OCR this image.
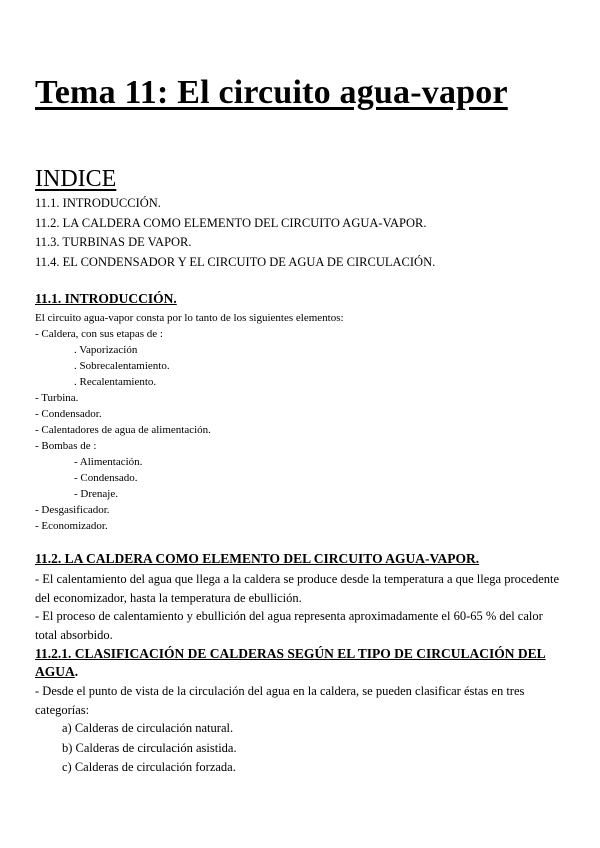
Tema 11: El circuito agua-vapor
INDICE
11.1. INTRODUCCIÓN.
11.2. LA CALDERA COMO ELEMENTO DEL CIRCUITO AGUA-VAPOR.
11.3. TURBINAS DE VAPOR.
11.4. EL CONDENSADOR Y EL CIRCUITO DE AGUA DE CIRCULACIÓN.
11.1. INTRODUCCIÓN.
El circuito agua-vapor consta por lo tanto de los siguientes elementos:
- Caldera, con sus etapas de :
. Vaporización
. Sobrecalentamiento.
. Recalentamiento.
- Turbina.
- Condensador.
- Calentadores de agua de alimentación.
- Bombas de :
- Alimentación.
- Condensado.
- Drenaje.
- Desgasificador.
- Economizador.
11.2. LA CALDERA COMO ELEMENTO DEL CIRCUITO AGUA-VAPOR.

- El calentamiento del agua que llega a la caldera se produce desde la temperatura a que llega procedente del economizador, hasta la temperatura de ebullición.

- El proceso de calentamiento y ebullición del agua representa aproximadamente el 60-65 % del calor total absorbido.

11.2.1. CLASIFICACIÓN DE CALDERAS SEGÚN EL TIPO DE CIRCULACIÓN DEL AGUA.

- Desde el punto de vista de la circulación del agua en la caldera, se pueden clasificar éstas en tres categorías:

a) Calderas de circulación natural.
b) Calderas de circulación asistida.
c) Calderas de circulación forzada.
